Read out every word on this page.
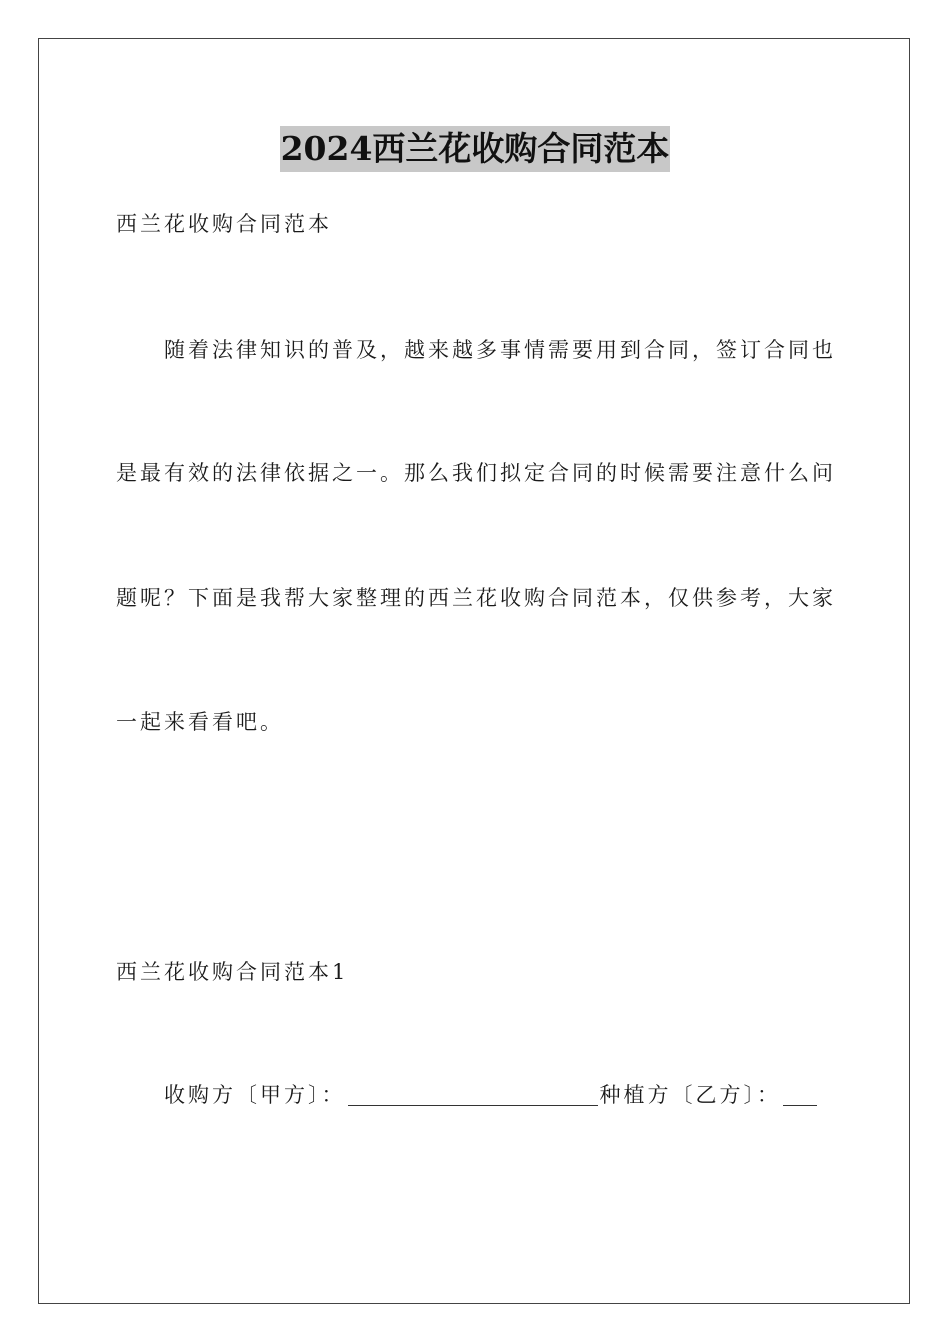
2024西兰花收购合同范本
西兰花收购合同范本
随着法律知识的普及，越来越多事情需要用到合同，签订合同也
是最有效的法律依据之一。那么我们拟定合同的时候需要注意什么问
题呢？下面是我帮大家整理的西兰花收购合同范本，仅供参考，大家
一起来看看吧。
西兰花收购合同范本1
收购方〔甲方〕：	种植方〔乙方〕：
